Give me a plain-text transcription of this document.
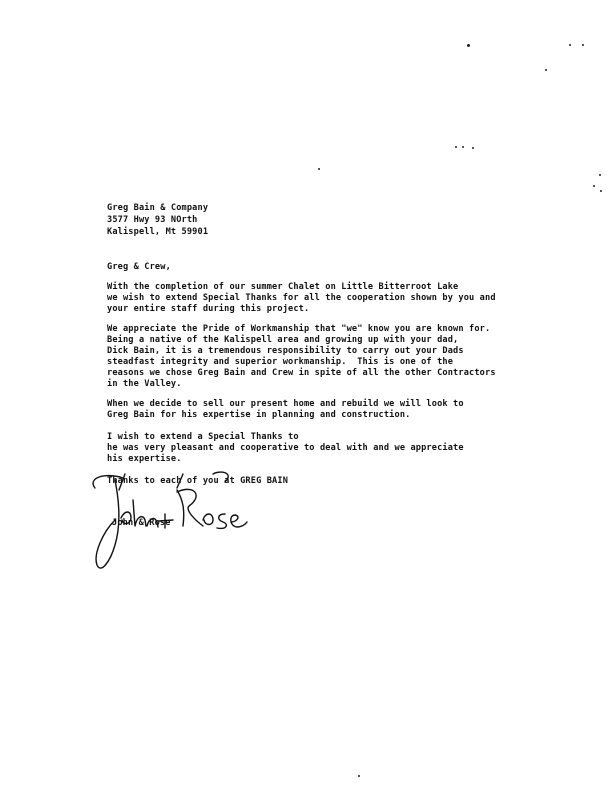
Greg Bain & Company
3577 Hwy 93 NOrth
Kalispell, Mt 59901
Greg & Crew,
With the completion of our summer Chalet on Little Bitterroot Lake
we wish to extend Special Thanks for all the cooperation shown by you and
your entire staff during this project.
We appreciate the Pride of Workmanship that "we" know you are known for.
Being a native of the Kalispell area and growing up with your dad,
Dick Bain, it is a tremendous responsibility to carry out your Dads
steadfast integrity and superior workmanship.  This is one of the
reasons we chose Greg Bain and Crew in spite of all the other Contractors
in the Valley.
When we decide to sell our present home and rebuild we will look to
Greg Bain for his expertise in planning and construction.
I wish to extend a Special Thanks to
he was very pleasant and cooperative to deal with and we appreciate
his expertise.
Thanks to each of you at GREG BAIN
John & Rose
